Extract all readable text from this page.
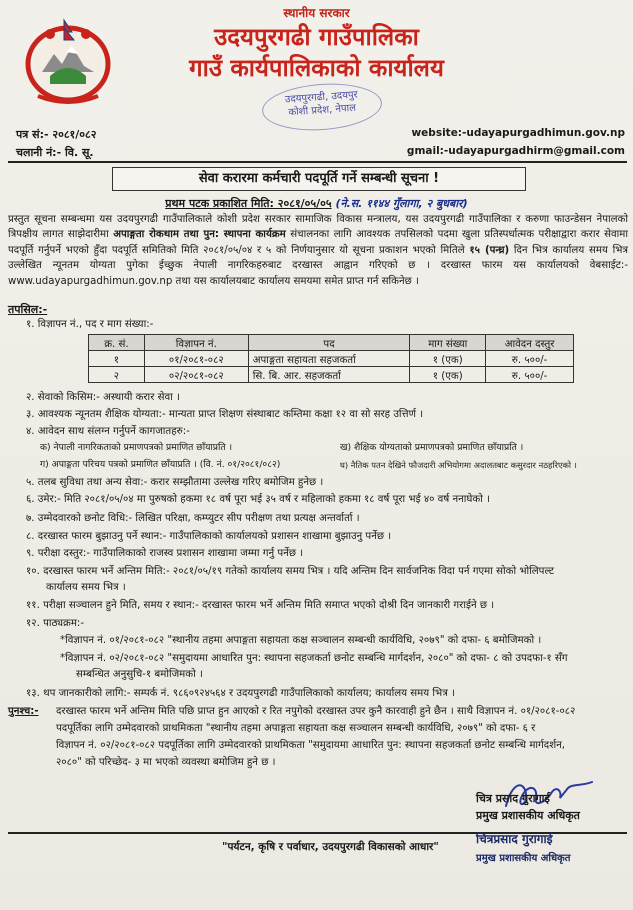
स्थानीय सरकार
उदयपुरगढी गाउँपालिका
गाउँ कार्यपालिकाको कार्यालय
उदयपुरगढी, उदयपुर
कोशी प्रदेश, नेपाल
पत्र सं:- २०८१/०८२
चलानी नं:- वि. सू.
website:-udayapurgadhimun.gov.np
gmail:-udayapurgadhirm@gmail.com
सेवा करारमा कर्मचारी पदपूर्ति गर्ने सम्बन्धी सूचना !
प्रथम पटक प्रकाशित मिति: २०८१/०५/०५ (ने.स. ११४४ गुँलागा, २ बुधबार)
प्रस्तुत सूचना सम्बन्धमा यस उदयपुरगढी गाउँपालिकाले कोशी प्रदेश सरकार सामाजिक विकास मन्त्रालय, यस उदयपुरगढी गाउँपालिका र करुणा फाउन्डेसन नेपालको त्रिपक्षीय लागत साझेदारीमा अपाङ्गता रोकथाम तथा पुन: स्थापना कार्यक्रम संचालनका लागि आवश्यक तपसिलको पदमा खुला प्रतिस्पर्धात्मक परीक्षाद्वारा करार सेवामा पदपूर्ति गर्नुपर्ने भएको हुँदा पदपूर्ति समितिको मिति २०८१/०५/०४ र ५ को निर्णयानुसार यो सूचना प्रकाशन भएको मितिले १५ (पन्ध्र) दिन भित्र कार्यालय समय भित्र उल्लेखित न्यूनतम योग्यता पुगेका ईच्छुक नेपाली नागरिकहरुबाट दरखास्त आह्वान गरिएको छ । दरखास्त फारम यस कार्यालयको वेबसाईट:- www.udayapurgadhimun.gov.np तथा यस कार्यालयबाट कार्यालय समयमा समेत प्राप्त गर्न सकिनेछ ।
तपसिल:-
१. विज्ञापन नं., पद र माग संख्या:-
क्र. सं.	विज्ञापन नं.	पद	माग संख्या	आवेदन दस्तुर
१	०१/२०८१-०८२	अपाङ्गता सहायता सहजकर्ता	१ (एक)	रु. ५००/-
२	०२/२०८१-०८२	सि. बि. आर. सहजकर्ता	१ (एक)	रु. ५००/-
२. सेवाको किसिम:- अस्थायी करार सेवा ।
३. आवश्यक न्यूनतम शैक्षिक योग्यता:- मान्यता प्राप्त शिक्षण संस्थाबाट कम्तिमा कक्षा १२ वा सो सरह उत्तिर्ण ।
४. आवेदन साथ संलग्न गर्नुपर्ने कागजातहरु:-
क) नेपाली नागरिकताको प्रमाणपत्रको प्रमाणित छाँयाप्रति ।	ख) शैक्षिक योग्यताको प्रमाणपत्रको प्रमाणित छाँयाप्रति ।
ग) अपाङ्गता परिचय पत्रको प्रमाणित छाँयाप्रति । (वि. नं. ०१/२०८१/०८२)	घ) नैतिक पतन देखिने फौजदारी अभियोगमा अदालतबाट कसुरदार नठहरिएको ।
५. तलब सुविधा तथा अन्य सेवा:- करार सम्झौतामा उल्लेख गरिए बमोजिम हुनेछ ।
६. उमेर:- मिति २०८१/०५/०४ मा पुरुषको हकमा १८ वर्ष पूरा भई ३५ वर्ष र महिलाको हकमा १८ वर्ष पूरा भई ४० वर्ष ननाघेको ।
७. उम्मेदवारको छनोट विधि:- लिखित परिक्षा, कम्प्युटर सीप परीक्षण तथा प्रत्यक्ष अन्तर्वार्ता ।
८. दरखास्त फारम बुझाउनु पर्ने स्थान:- गाउँपालिकाको कार्यालयको प्रशासन शाखामा बुझाउनु पर्नेछ ।
९. परीक्षा दस्तुर:- गाउँपालिकाको राजस्व प्रशासन शाखामा जम्मा गर्नु पर्नेछ ।
१०. दरखास्त फारम भर्ने अन्तिम मिति:- २०८१/०५/१९ गतेको कार्यालय समय भित्र । यदि अन्तिम दिन सार्वजनिक विदा पर्न गएमा सोको भोलिपल्ट
कार्यालय समय भित्र ।
११. परीक्षा सञ्चालन हुने मिति, समय र स्थान:- दरखास्त फारम भर्ने अन्तिम मिति समाप्त भएको दोश्री दिन जानकारी गराईने छ ।
१२. पाठ्यक्रम:-
*विज्ञापन नं. ०१/२०८१-०८२ "स्थानीय तहमा अपाङ्गता सहायता कक्ष सञ्चालन सम्बन्धी कार्यविधि, २०७९" को दफा- ६ बमोजिमको ।
*विज्ञापन नं. ०२/२०८१-०८२ "समुदायमा आधारित पुन: स्थापना सहजकर्ता छनोट सम्बन्धि मार्गदर्शन, २०८०" को दफा- ८ को उपदफा-१ सँग
सम्बन्धित अनुसुचि-१ बमोजिमको ।
१३. थप जानकारीको लागि:- सम्पर्क नं. ९८६०९२४५६४ र उदयपुरगढी गाउँपालिकाको कार्यालय; कार्यालय समय भित्र ।
पुनश्च:- दरखास्त फारम भर्ने अन्तिम मिति पछि प्राप्त हुन आएको र रित नपुगेको दरखास्त उपर कुनै कारवाही हुने छैन । साथै विज्ञापन नं. ०१/२०८१-०८२
पदपूर्तिका लागि उम्मेदवारको प्राथमिकता "स्थानीय तहमा अपाङ्गता सहायता कक्ष सञ्चालन सम्बन्धी कार्यविधि, २०७९" को दफा- ६ र
विज्ञापन नं. ०२/२०८१-०८२ पदपूर्तिका लागि उम्मेदवारको प्राथमिकता "समुदायमा आधारित पुन: स्थापना सहजकर्ता छनोट सम्बन्धि मार्गदर्शन,
२०८०" को परिच्छेद- ३ मा भएको व्यवस्था बमोजिम हुने छ ।
चित्र प्रसाद गुरागाई
प्रमुख प्रशासकीय अधिकृत
"पर्यटन, कृषि र पर्वाधार, उदयपुरगढी विकासको आधार"
चित्रप्रसाद गुरागाई
प्रमुख प्रशासकीय अधिकृत
